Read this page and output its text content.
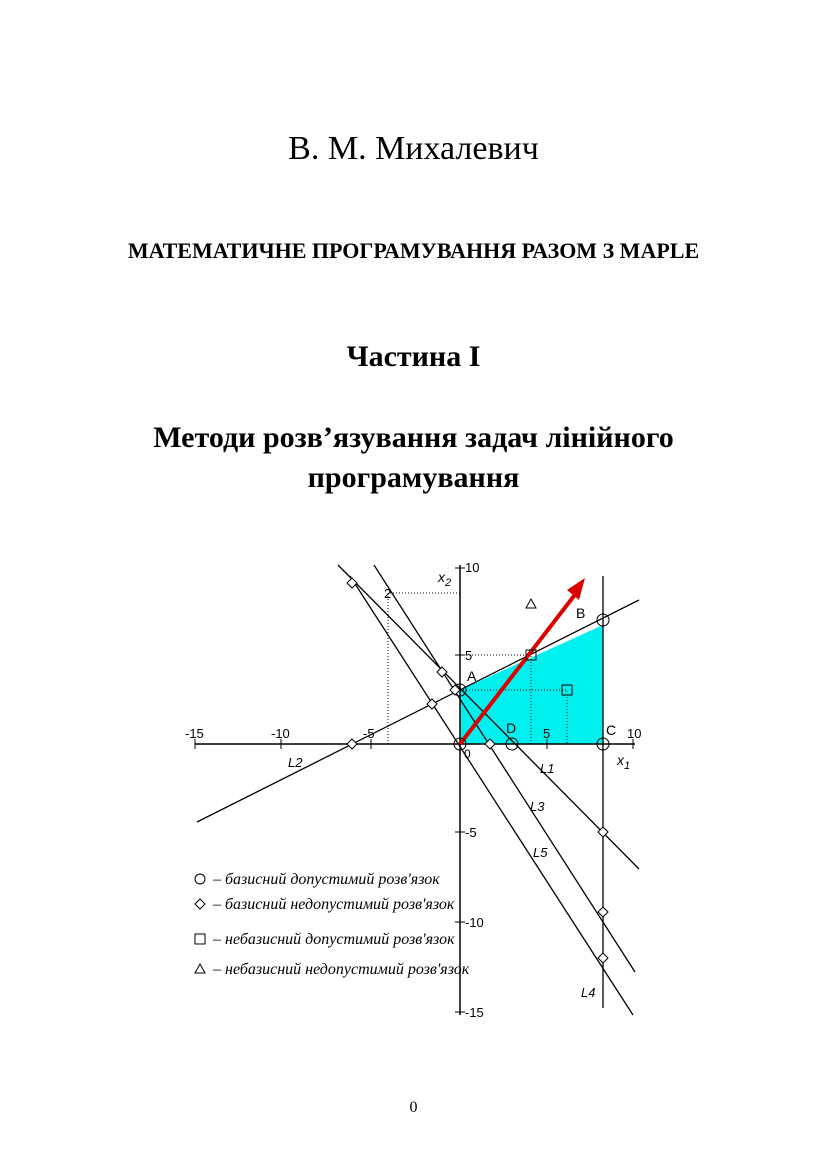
В. М. Михалевич
МАТЕМАТИЧНЕ ПРОГРАМУВАННЯ РАЗОМ З MAPLE
Частина I
Методи розв’язування задач лінійного програмування
-15	-10	-5	5	10
10
5
-5
-10
-15
2
$x_2$
$x_1$
A
B
C
D
0
L1
L2
L3
L4
L5
– базисний допустимий розв'язок
– базисний недопустимий розв'язок
– небазисний допустимий розв'язок
– небазисний недопустимий розв'язок
0
